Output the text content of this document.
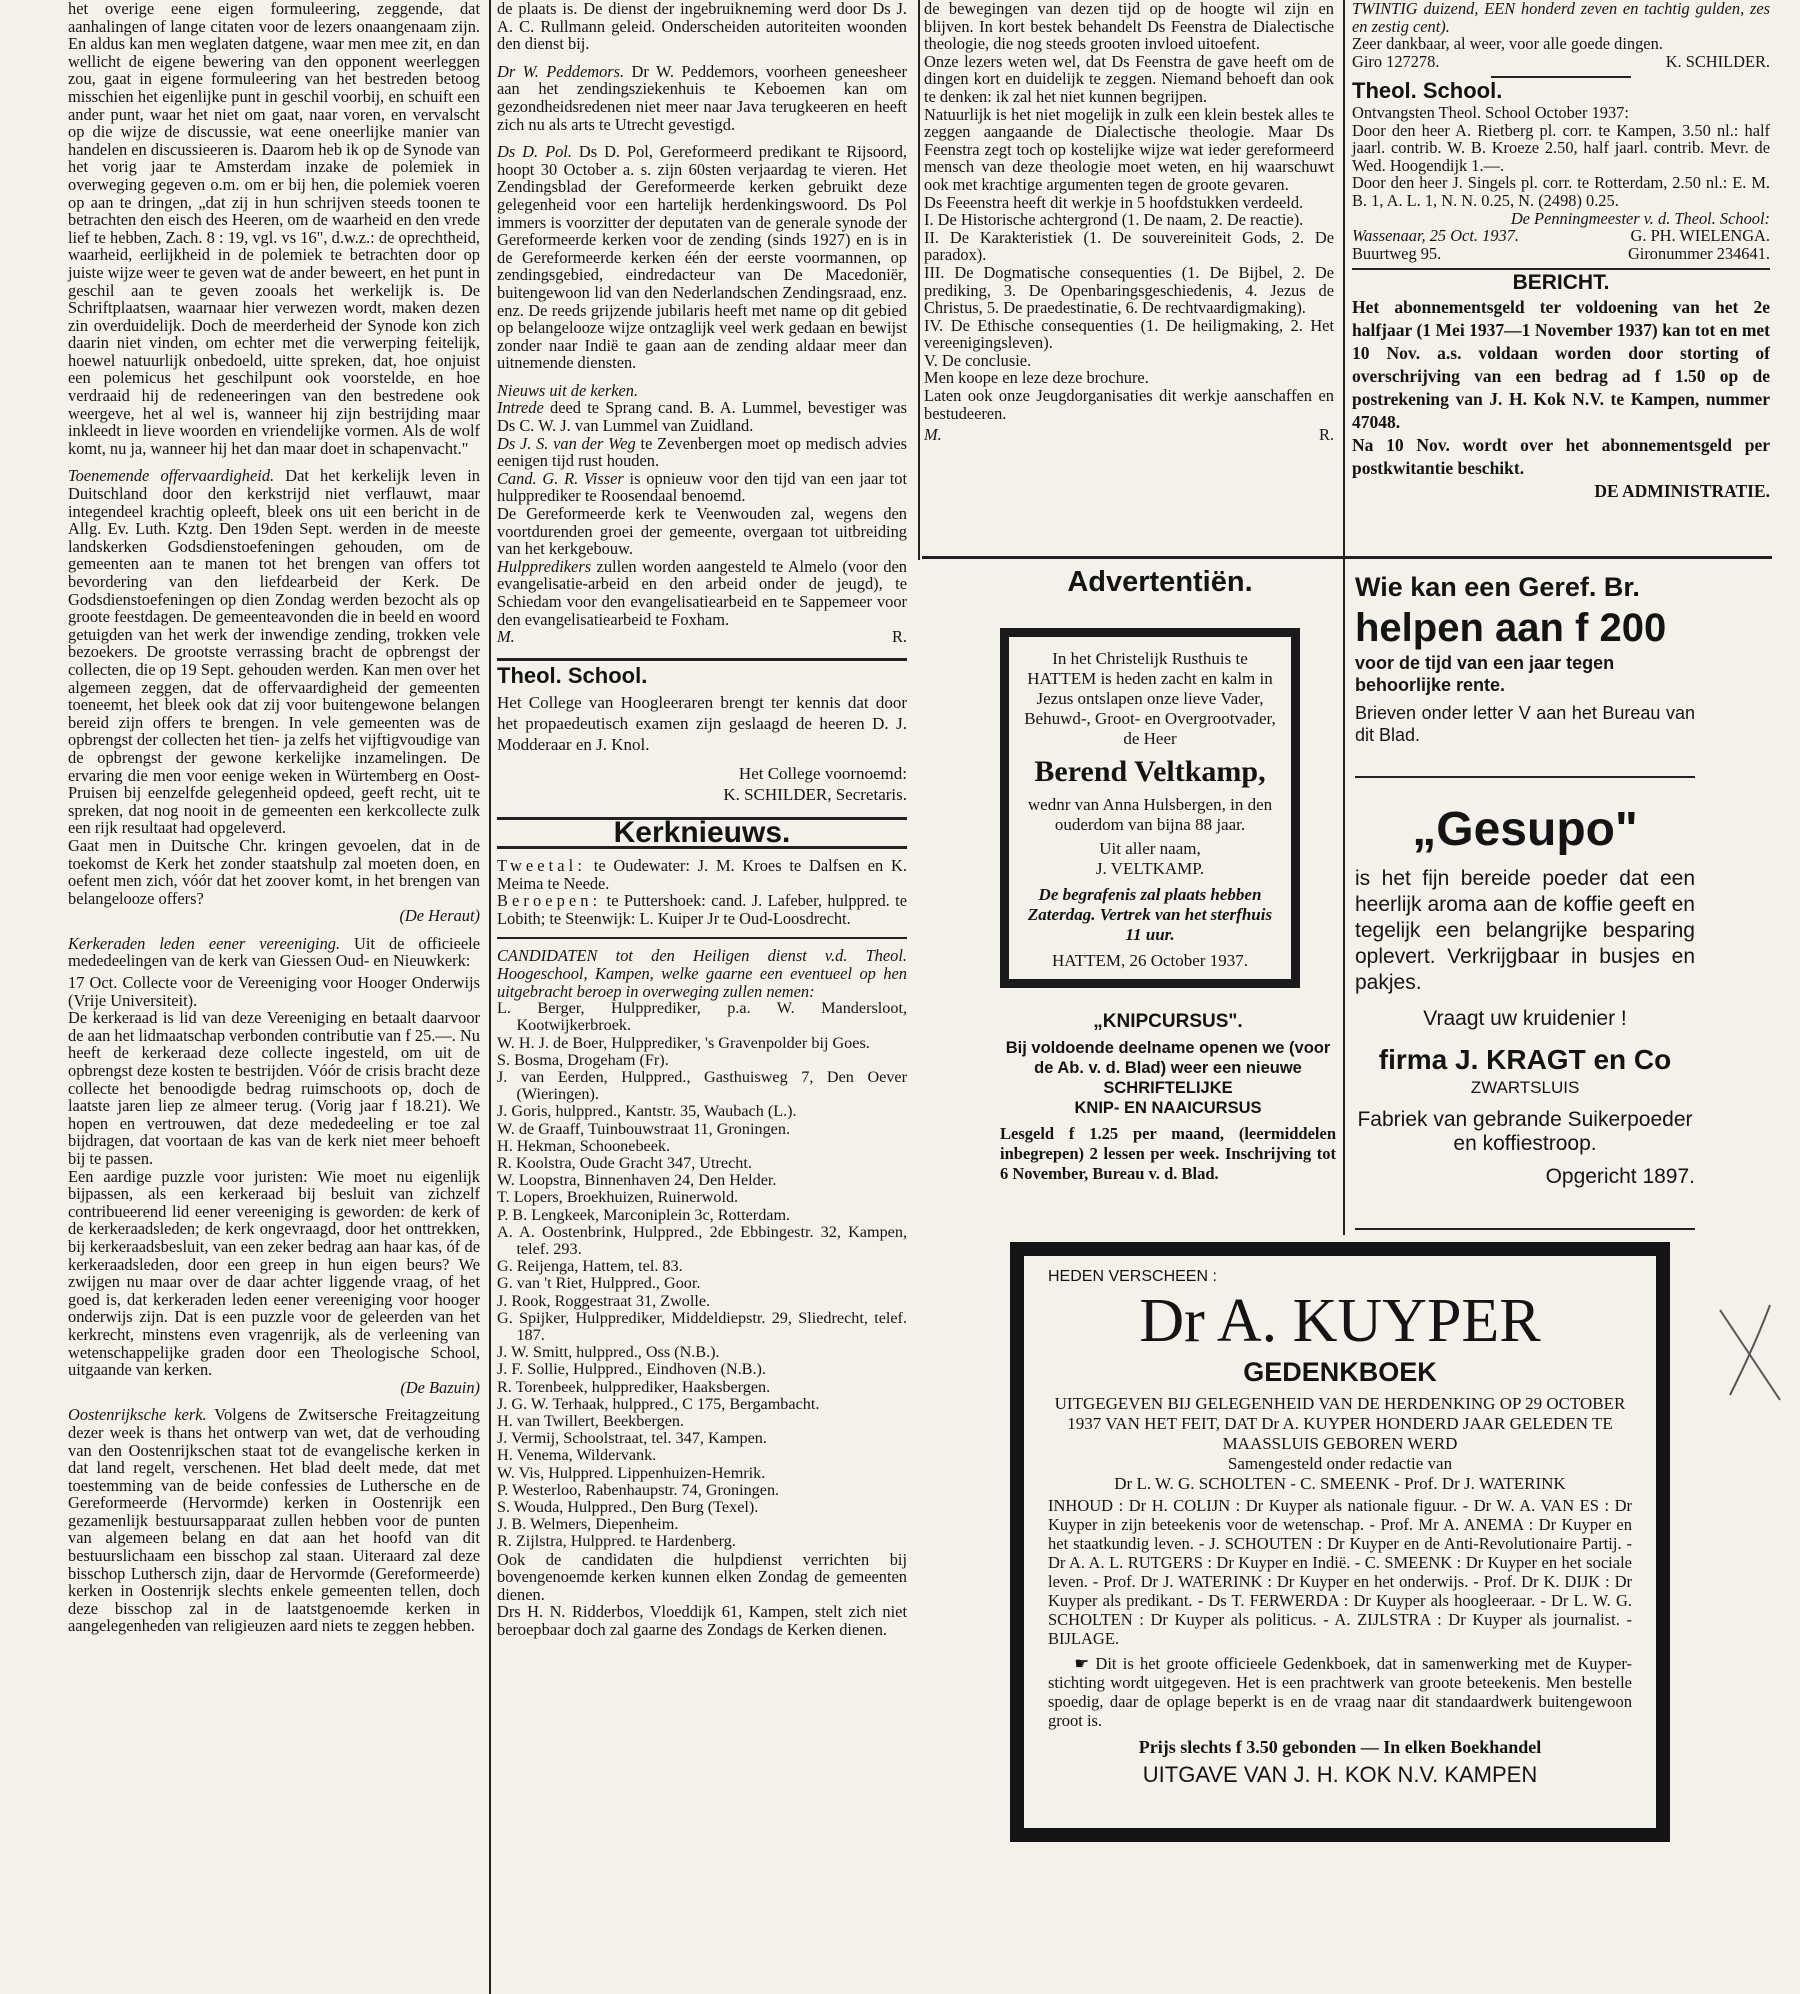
het overige eene eigen formuleering, zeggende, dat aanhalingen of lange citaten voor de lezers onaangenaam zijn. En aldus kan men weglaten datgene, waar men mee zit, en dan wellicht de eigene bewering van den opponent weerleggen zou, gaat in eigene formuleering van het bestreden betoog misschien het eigenlijke punt in geschil voorbij, en schuift een ander punt, waar het niet om gaat, naar voren, en vervalscht op die wijze de discussie, wat eene oneerlijke manier van handelen en discussieeren is. Daarom heb ik op de Synode van het vorig jaar te Amsterdam inzake de polemiek in overweging gegeven o.m. om er bij hen, die polemiek voeren op aan te dringen, „dat zij in hun schrijven steeds toonen te betrachten den eisch des Heeren, om de waarheid en den vrede lief te hebben, Zach. 8 : 19, vgl. vs 16", d.w.z.: de oprechtheid, waarheid, eerlijkheid in de polemiek te betrachten door op juiste wijze weer te geven wat de ander beweert, en het punt in geschil aan te geven zooals het werkelijk is. De Schriftplaatsen, waarnaar hier verwezen wordt, maken dezen zin overduidelijk. Doch de meerderheid der Synode kon zich daarin niet vinden, om echter met die verwerping feitelijk, hoewel natuurlijk onbedoeld, uitte spreken, dat, hoe onjuist een polemicus het geschilpunt ook voorstelde, en hoe verdraaid hij de redeneeringen van den bestredene ook weergeve, het al wel is, wanneer hij zijn bestrijding maar inkleedt in lieve woorden en vriendelijke vormen. Als de wolf komt, nu ja, wanneer hij het dan maar doet in schapenvacht."

Toenemende offervaardigheid. Dat het kerkelijk leven in Duitschland door den kerkstrijd niet verflauwt, maar integendeel krachtig opleeft, bleek ons uit een bericht in de Allg. Ev. Luth. Kztg. Den 19den Sept. werden in de meeste landskerken Godsdienstoefeningen gehouden, om de gemeenten aan te manen tot het brengen van offers tot bevordering van den liefdearbeid der Kerk. De Godsdienstoefeningen op dien Zondag werden bezocht als op groote feestdagen. De gemeenteavonden die in beeld en woord getuigden van het werk der inwendige zending, trokken vele bezoekers. De grootste verrassing bracht de opbrengst der collecten, die op 19 Sept. gehouden werden. Kan men over het algemeen zeggen, dat de offervaardigheid der gemeenten toeneemt, het bleek ook dat zij voor buitengewone belangen bereid zijn offers te brengen. In vele gemeenten was de opbrengst der collecten het tien- ja zelfs het vijftigvoudige van de opbrengst der gewone kerkelijke inzamelingen. De ervaring die men voor eenige weken in Würtemberg en Oost-Pruisen bij eenzelfde gelegenheid opdeed, geeft recht, uit te spreken, dat nog nooit in de gemeenten een kerkcollecte zulk een rijk resultaat had opgeleverd.

Gaat men in Duitsche Chr. kringen gevoelen, dat in de toekomst de Kerk het zonder staatshulp zal moeten doen, en oefent men zich, vóór dat het zoover komt, in het brengen van belangelooze offers?

(De Heraut)

Kerkeraden leden eener vereeniging. Uit de officieele mededeelingen van de kerk van Giessen Oud- en Nieuwkerk:

17 Oct. Collecte voor de Vereeniging voor Hooger Onderwijs (Vrije Universiteit).

De kerkeraad is lid van deze Vereeniging en betaalt daarvoor de aan het lidmaatschap verbonden contributie van f 25.—. Nu heeft de kerkeraad deze collecte ingesteld, om uit de opbrengst deze kosten te bestrijden. Vóór de crisis bracht deze collecte het benoodigde bedrag ruimschoots op, doch de laatste jaren liep ze almeer terug. (Vorig jaar f 18.21). We hopen en vertrouwen, dat deze mededeeling er toe zal bijdragen, dat voortaan de kas van de kerk niet meer behoeft bij te passen.

Een aardige puzzle voor juristen: Wie moet nu eigenlijk bijpassen, als een kerkeraad bij besluit van zichzelf contribueerend lid eener vereeniging is geworden: de kerk of de kerkeraadsleden; de kerk ongevraagd, door het onttrekken, bij kerkeraadsbesluit, van een zeker bedrag aan haar kas, óf de kerkeraadsleden, door een greep in hun eigen beurs? We zwijgen nu maar over de daar achter liggende vraag, of het goed is, dat kerkeraden leden eener vereeniging voor hooger onderwijs zijn. Dat is een puzzle voor de geleerden van het kerkrecht, minstens even vragenrijk, als de verleening van wetenschappelijke graden door een Theologische School, uitgaande van kerken.

(De Bazuin)

Oostenrijksche kerk. Volgens de Zwitsersche Freitagzeitung dezer week is thans het ontwerp van wet, dat de verhouding van den Oostenrijkschen staat tot de evangelische kerken in dat land regelt, verschenen. Het blad deelt mede, dat met toestemming van de beide confessies de Luthersche en de Gereformeerde (Hervormde) kerken in Oostenrijk een gezamenlijk bestuursapparaat zullen hebben voor de punten van algemeen belang en dat aan het hoofd van dit bestuurslichaam een bisschop zal staan. Uiteraard zal deze bisschop Luthersch zijn, daar de Hervormde (Gereformeerde) kerken in Oostenrijk slechts enkele gemeenten tellen, doch deze bisschop zal in de laatstgenoemde kerken in aangelegenheden van religieuzen aard niets te zeggen hebben.

de plaats is. De dienst der ingebruikneming werd door Ds J. A. C. Rullmann geleid. Onderscheiden autoriteiten woonden den dienst bij.

Dr W. Peddemors. Dr W. Peddemors, voorheen geneesheer aan het zendingsziekenhuis te Keboemen kan om gezondheidsredenen niet meer naar Java terugkeeren en heeft zich nu als arts te Utrecht gevestigd.

Ds D. Pol. Ds D. Pol, Gereformeerd predikant te Rijsoord, hoopt 30 October a. s. zijn 60sten verjaardag te vieren. Het Zendingsblad der Gereformeerde kerken gebruikt deze gelegenheid voor een hartelijk herdenkingswoord. Ds Pol immers is voorzitter der deputaten van de generale synode der Gereformeerde kerken voor de zending (sinds 1927) en is in de Gereformeerde kerken één der eerste voormannen, op zendingsgebied, eindredacteur van De Macedoniër, buitengewoon lid van den Nederlandschen Zendingsraad, enz. enz. De reeds grijzende jubilaris heeft met name op dit gebied op belangelooze wijze ontzaglijk veel werk gedaan en bewijst zonder naar Indië te gaan aan de zending aldaar meer dan uitnemende diensten.

Nieuws uit de kerken.

Intrede deed te Sprang cand. B. A. Lummel, bevestiger was Ds C. W. J. van Lummel van Zuidland.

Ds J. S. van der Weg te Zevenbergen moet op medisch advies eenigen tijd rust houden.

Cand. G. R. Visser is opnieuw voor den tijd van een jaar tot hulpprediker te Roosendaal benoemd.

De Gereformeerde kerk te Veenwouden zal, wegens den voortdurenden groei der gemeente, overgaan tot uitbreiding van het kerkgebouw.

Hulppredikers zullen worden aangesteld te Almelo (voor den evangelisatie-arbeid en den arbeid onder de jeugd), te Schiedam voor den evangelisatiearbeid en te Sappemeer voor den evangelisatiearbeid te Foxham.

M.	R.
Theol. School.

Het College van Hoogleeraren brengt ter kennis dat door het propaedeutisch examen zijn geslaagd de heeren D. J. Modderaar en J. Knol.

Het College voornoemd:

K. SCHILDER, Secretaris.

Kerknieuws.

Tweetal: te Oudewater: J. M. Kroes te Dalfsen en K. Meima te Neede.

Beroepen: te Puttershoek: cand. J. Lafeber, hulppred. te Lobith; te Steenwijk: L. Kuiper Jr te Oud-Loosdrecht.

CANDIDATEN tot den Heiligen dienst v.d. Theol. Hoogeschool, Kampen, welke gaarne een eventueel op hen uitgebracht beroep in overweging zullen nemen:

L. Berger, Hulpprediker, p.a. W. Mandersloot, Kootwijkerbroek.

W. H. J. de Boer, Hulpprediker, 's Gravenpolder bij Goes.

S. Bosma, Drogeham (Fr).

J. van Eerden, Hulppred., Gasthuisweg 7, Den Oever (Wieringen).

J. Goris, hulppred., Kantstr. 35, Waubach (L.).

W. de Graaff, Tuinbouwstraat 11, Groningen.

H. Hekman, Schoonebeek.

R. Koolstra, Oude Gracht 347, Utrecht.

W. Loopstra, Binnenhaven 24, Den Helder.

T. Lopers, Broekhuizen, Ruinerwold.

P. B. Lengkeek, Marconiplein 3c, Rotterdam.

A. A. Oostenbrink, Hulppred., 2de Ebbingestr. 32, Kampen, telef. 293.

G. Reijenga, Hattem, tel. 83.

G. van 't Riet, Hulppred., Goor.

J. Rook, Roggestraat 31, Zwolle.

G. Spijker, Hulpprediker, Middeldiepstr. 29, Sliedrecht, telef. 187.

J. W. Smitt, hulppred., Oss (N.B.).

J. F. Sollie, Hulppred., Eindhoven (N.B.).

R. Torenbeek, hulpprediker, Haaksbergen.

J. G. W. Terhaak, hulppred., C 175, Bergambacht.

H. van Twillert, Beekbergen.

J. Vermij, Schoolstraat, tel. 347, Kampen.

H. Venema, Wildervank.

W. Vis, Hulppred. Lippenhuizen-Hemrik.

P. Westerloo, Rabenhaupstr. 74, Groningen.

S. Wouda, Hulppred., Den Burg (Texel).

J. B. Welmers, Diepenheim.

R. Zijlstra, Hulppred. te Hardenberg.

Ook de candidaten die hulpdienst verrichten bij bovengenoemde kerken kunnen elken Zondag de gemeenten dienen.

Drs H. N. Ridderbos, Vloeddijk 61, Kampen, stelt zich niet beroepbaar doch zal gaarne des Zondags de Kerken dienen.

de bewegingen van dezen tijd op de hoogte wil zijn en blijven. In kort bestek behandelt Ds Feenstra de Dialectische theologie, die nog steeds grooten invloed uitoefent.

Onze lezers weten wel, dat Ds Feenstra de gave heeft om de dingen kort en duidelijk te zeggen. Niemand behoeft dan ook te denken: ik zal het niet kunnen begrijpen.

Natuurlijk is het niet mogelijk in zulk een klein bestek alles te zeggen aangaande de Dialectische theologie. Maar Ds Feenstra zegt toch op kostelijke wijze wat ieder gereformeerd mensch van deze theologie moet weten, en hij waarschuwt ook met krachtige argumenten tegen de groote gevaren.

Ds Feeenstra heeft dit werkje in 5 hoofdstukken verdeeld.

I. De Historische achtergrond (1. De naam, 2. De reactie).

II. De Karakteristiek (1. De souvereiniteit Gods, 2. De paradox).

III. De Dogmatische consequenties (1. De Bijbel, 2. De prediking, 3. De Openbaringsgeschiedenis, 4. Jezus de Christus, 5. De praedestinatie, 6. De rechtvaardigmaking).

IV. De Ethische consequenties (1. De heiligmaking, 2. Het vereenigingsleven).

V. De conclusie.

Men koope en leze deze brochure.

Laten ook onze Jeugdorganisaties dit werkje aanschaffen en bestudeeren.

M.	R.

TWINTIG duizend, EEN honderd zeven en tachtig gulden, zes en zestig cent).

Zeer dankbaar, al weer, voor alle goede dingen.

Giro 127278.	K. SCHILDER.
Theol. School.

Ontvangsten Theol. School October 1937:

Door den heer A. Rietberg pl. corr. te Kampen, 3.50 nl.: half jaarl. contrib. W. B. Kroeze 2.50, half jaarl. contrib. Mevr. de Wed. Hoogendijk 1.—.

Door den heer J. Singels pl. corr. te Rotterdam, 2.50 nl.: E. M. B. 1, A. L. 1, N. N. 0.25, N. (2498) 0.25.

De Penningmeester v. d. Theol. School:

Wassenaar, 25 Oct. 1937.	G. PH. WIELENGA.
Buurtweg 95.	Gironummer 234641.
BERICHT.

Het abonnementsgeld ter voldoening van het 2e halfjaar (1 Mei 1937—1 November 1937) kan tot en met 10 Nov. a.s. voldaan worden door storting of overschrijving van een bedrag ad f 1.50 op de postrekening van J. H. Kok N.V. te Kampen, nummer 47048.

Na 10 Nov. wordt over het abonnementsgeld per postkwitantie beschikt.

DE ADMINISTRATIE.

Advertentiën.

In het Christelijk Rusthuis te HATTEM is heden zacht en kalm in Jezus ontslapen onze lieve Vader, Behuwd-, Groot- en Overgrootvader, de Heer

Berend Veltkamp,

wednr van Anna Hulsbergen, in den ouderdom van bijna 88 jaar.

Uit aller naam,

J. VELTKAMP.

De begrafenis zal plaats hebben Zaterdag. Vertrek van het sterfhuis 11 uur.

HATTEM, 26 October 1937.

„KNIPCURSUS".
Bij voldoende deelname openen we (voor de Ab. v. d. Blad) weer een nieuwe
SCHRIFTELIJKE
KNIP- EN NAAICURSUS
Lesgeld f 1.25 per maand, (leermiddelen inbegrepen) 2 lessen per week. Inschrijving tot 6 November, Bureau v. d. Blad.
Wie kan een Geref. Br.
helpen aan f 200
voor de tijd van een jaar tegen behoorlijke rente.
Brieven onder letter V aan het Bureau van dit Blad.
„Gesupo"
is het fijn bereide poeder dat een heerlijk aroma aan de koffie geeft en tegelijk een belangrijke besparing oplevert. Verkrijgbaar in busjes en pakjes.
Vraagt uw kruidenier !
firma J. KRAGT en Co
ZWARTSLUIS
Fabriek van gebrande Suikerpoeder en koffiestroop.
Opgericht 1897.
HEDEN VERSCHEEN :
Dr A. KUYPER
GEDENKBOEK
UITGEGEVEN BIJ GELEGENHEID VAN DE HERDENKING OP 29 OCTOBER 1937 VAN HET FEIT, DAT Dr A. KUYPER HONDERD JAAR GELEDEN TE MAASSLUIS GEBOREN WERD
Samengesteld onder redactie van
Dr L. W. G. SCHOLTEN - C. SMEENK - Prof. Dr J. WATERINK
INHOUD : Dr H. COLIJN : Dr Kuyper als nationale figuur. - Dr W. A. VAN ES : Dr Kuyper in zijn beteekenis voor de wetenschap. - Prof. Mr A. ANEMA : Dr Kuyper en het staatkundig leven. - J. SCHOUTEN : Dr Kuyper en de Anti-Revolutionaire Partij. - Dr A. A. L. RUTGERS : Dr Kuyper en Indië. - C. SMEENK : Dr Kuyper en het sociale leven. - Prof. Dr J. WATERINK : Dr Kuyper en het onderwijs. - Prof. Dr K. DIJK : Dr Kuyper als predikant. - Ds T. FERWERDA : Dr Kuyper als hoogleeraar. - Dr L. W. G. SCHOLTEN : Dr Kuyper als politicus. - A. ZIJLSTRA : Dr Kuyper als journalist. - BIJLAGE.
☛ Dit is het groote officieele Gedenkboek, dat in samenwerking met de Kuyper-stichting wordt uitgegeven. Het is een prachtwerk van groote beteekenis. Men bestelle spoedig, daar de oplage beperkt is en de vraag naar dit standaardwerk buitengewoon groot is.
Prijs slechts f 3.50 gebonden — In elken Boekhandel
UITGAVE VAN J. H. KOK N.V. KAMPEN
